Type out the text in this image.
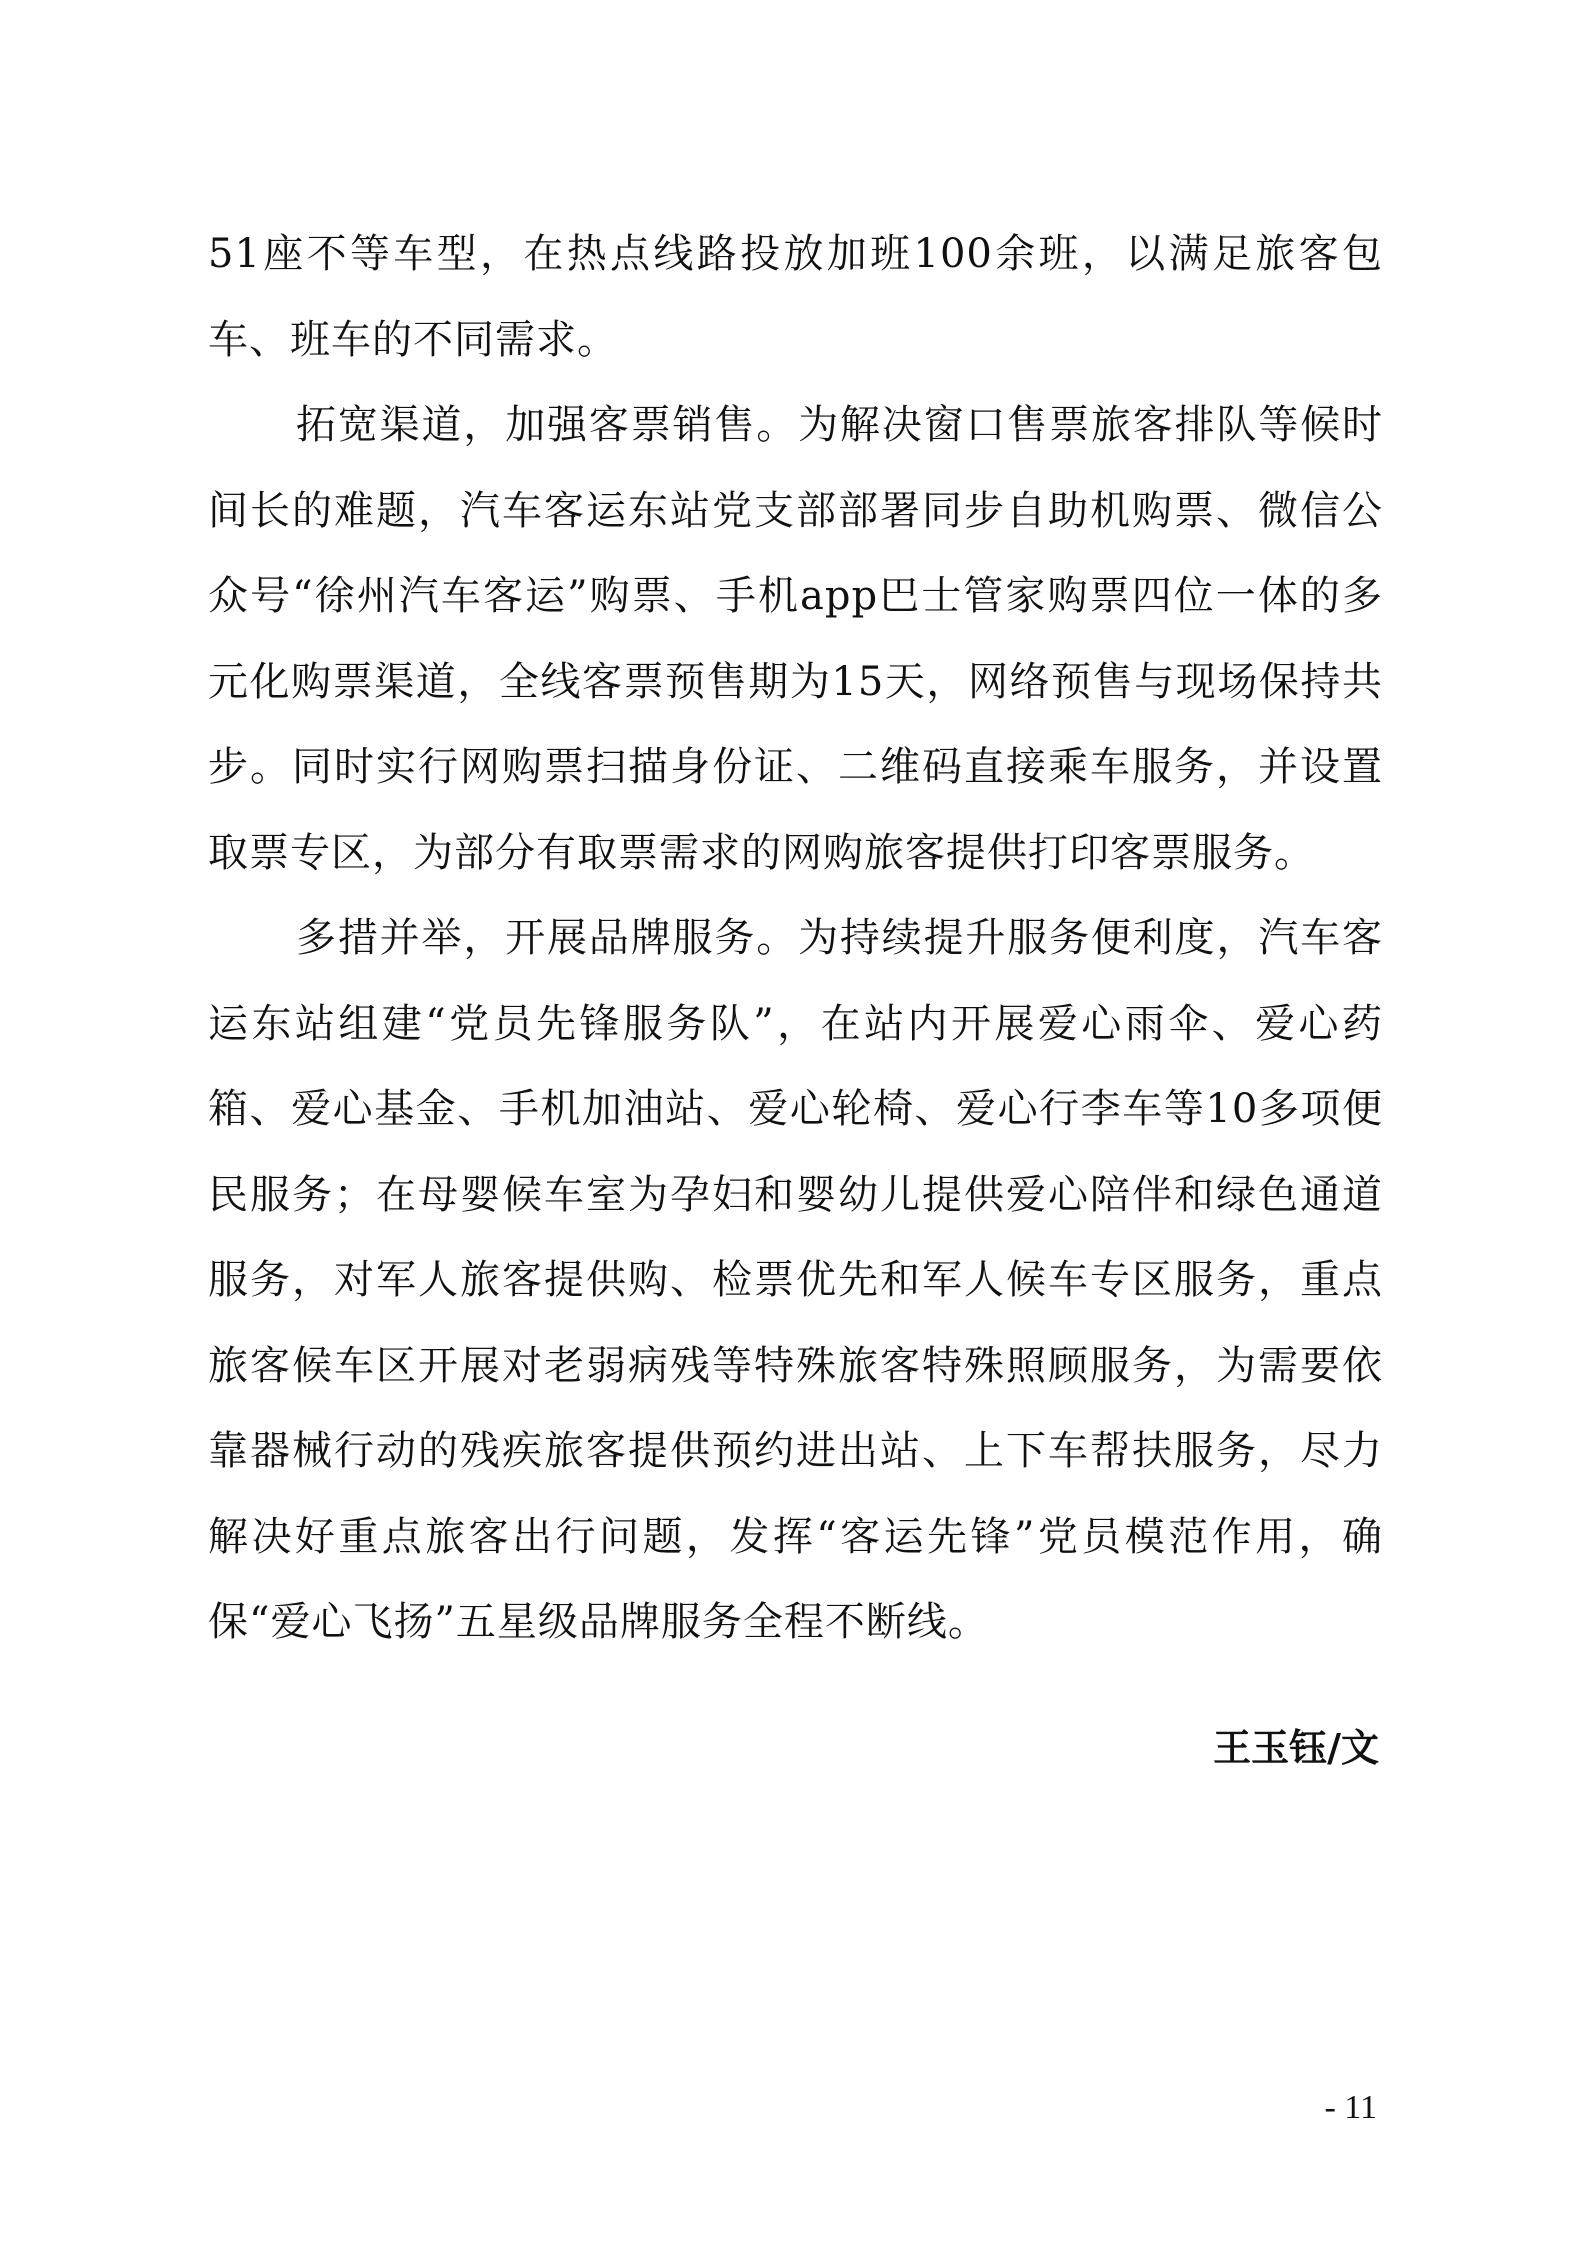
51座不等车型，在热点线路投放加班100余班，以满足旅客包车、班车的不同需求。

拓宽渠道，加强客票销售。为解决窗口售票旅客排队等候时间长的难题，汽车客运东站党支部部署同步自助机购票、微信公众号“徐州汽车客运”购票、手机app巴士管家购票四位一体的多元化购票渠道，全线客票预售期为15天，网络预售与现场保持共步。同时实行网购票扫描身份证、二维码直接乘车服务，并设置取票专区，为部分有取票需求的网购旅客提供打印客票服务。

多措并举，开展品牌服务。为持续提升服务便利度，汽车客运东站组建“党员先锋服务队”，在站内开展爱心雨伞、爱心药箱、爱心基金、手机加油站、爱心轮椅、爱心行李车等10多项便民服务；在母婴候车室为孕妇和婴幼儿提供爱心陪伴和绿色通道服务，对军人旅客提供购、检票优先和军人候车专区服务，重点旅客候车区开展对老弱病残等特殊旅客特殊照顾服务，为需要依靠器械行动的残疾旅客提供预约进出站、上下车帮扶服务，尽力解决好重点旅客出行问题，发挥“客运先锋”党员模范作用，确保“爱心飞扬”五星级品牌服务全程不断线。

王玉钰/文
- 11
